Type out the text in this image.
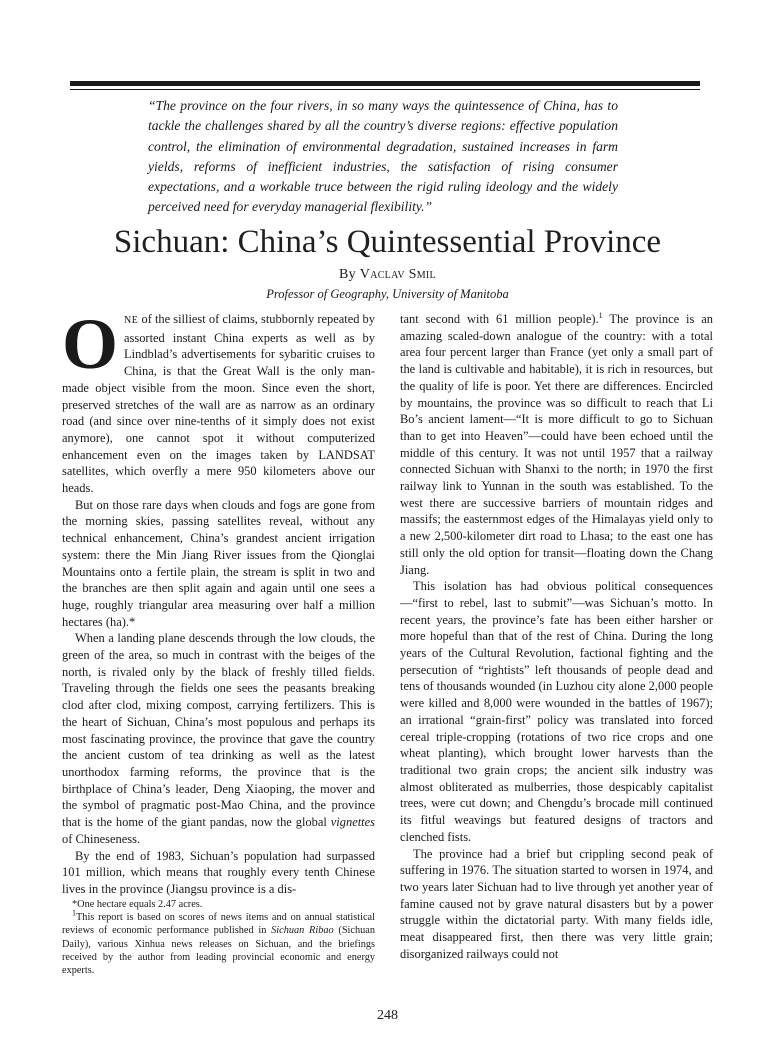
“The province on the four rivers, in so many ways the quintessence of China, has to tackle the challenges shared by all the country’s diverse regions: effective population control, the elimination of environmental degradation, sustained increases in farm yields, reforms of inefficient industries, the satisfaction of rising consumer expectations, and a workable truce between the rigid ruling ideology and the widely perceived need for everyday managerial flexibility.”
Sichuan: China’s Quintessential Province
By Vaclav Smil
Professor of Geography, University of Manitoba

ONE of the silliest of claims, stubbornly repeated by assorted instant China experts as well as by Lindblad’s advertisements for sybaritic cruises to China, is that the Great Wall is the only man-made object visible from the moon. Since even the short, preserved stretches of the wall are as narrow as an ordinary road (and since over nine-tenths of it simply does not exist anymore), one cannot spot it without computerized enhancement even on the images taken by LANDSAT satellites, which overfly a mere 950 kilometers above our heads.

But on those rare days when clouds and fogs are gone from the morning skies, passing satellites reveal, without any technical enhancement, China’s grandest ancient irrigation system: there the Min Jiang River issues from the Qionglai Mountains onto a fertile plain, the stream is split in two and the branches are then split again and again until one sees a huge, roughly triangular area measuring over half a million hectares (ha).*

When a landing plane descends through the low clouds, the green of the area, so much in contrast with the beiges of the north, is rivaled only by the black of freshly tilled fields. Traveling through the fields one sees the peasants breaking clod after clod, mixing compost, carrying fertilizers. This is the heart of Sichuan, China’s most populous and perhaps its most fascinating province, the province that gave the country the ancient custom of tea drinking as well as the latest unorthodox farming reforms, the province that is the birthplace of China’s leader, Deng Xiaoping, the mover and the symbol of pragmatic post-Mao China, and the province that is the home of the giant pandas, now the global vignettes of Chineseness.

By the end of 1983, Sichuan’s population had surpassed 101 million, which means that roughly every tenth Chinese lives in the province (Jiangsu province is a dis-

*One hectare equals 2.47 acres.

$^1$This report is based on scores of news items and on annual statistical reviews of economic performance published in Sichuan Ribao (Sichuan Daily), various Xinhua news releases on Sichuan, and the briefings received by the author from leading provincial economic and energy experts.

tant second with 61 million people).$^1$ The province is an amazing scaled-down analogue of the country: with a total area four percent larger than France (yet only a small part of the land is cultivable and habitable), it is rich in resources, but the quality of life is poor. Yet there are differences. Encircled by mountains, the province was so difficult to reach that Li Bo’s ancient lament—“It is more difficult to go to Sichuan than to get into Heaven”—could have been echoed until the middle of this century. It was not until 1957 that a railway connected Sichuan with Shanxi to the north; in 1970 the first railway link to Yunnan in the south was established. To the west there are successive barriers of mountain ridges and massifs; the easternmost edges of the Himalayas yield only to a new 2,500-kilometer dirt road to Lhasa; to the east one has still only the old option for transit—floating down the Chang Jiang.

This isolation has had obvious political consequences—“first to rebel, last to submit”—was Sichuan’s motto. In recent years, the province’s fate has been either harsher or more hopeful than that of the rest of China. During the long years of the Cultural Revolution, factional fighting and the persecution of “rightists” left thousands of people dead and tens of thousands wounded (in Luzhou city alone 2,000 people were killed and 8,000 were wounded in the battles of 1967); an irrational “grain-first” policy was translated into forced cereal triple-cropping (rotations of two rice crops and one wheat planting), which brought lower harvests than the traditional two grain crops; the ancient silk industry was almost obliterated as mulberries, those despicably capitalist trees, were cut down; and Chengdu’s brocade mill continued its fitful weavings but featured designs of tractors and clenched fists.

The province had a brief but crippling second peak of suffering in 1976. The situation started to worsen in 1974, and two years later Sichuan had to live through yet another year of famine caused not by grave natural disasters but by a power struggle within the dictatorial party. With many fields idle, meat disappeared first, then there was very little grain; disorganized railways could not

248
